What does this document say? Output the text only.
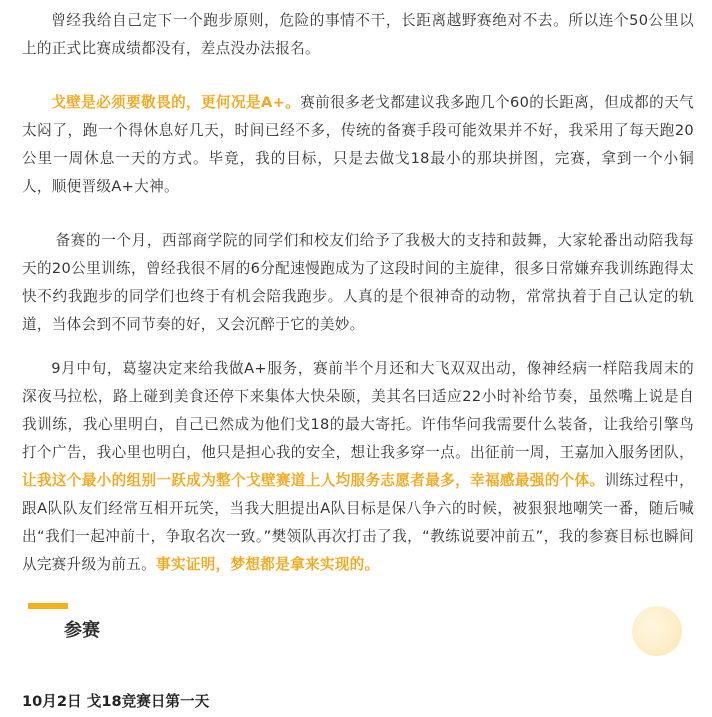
曾经我给自己定下一个跑步原则，危险的事情不干，长距离越野赛绝对不去。所以连个50公里以上的正式比赛成绩都没有，差点没办法报名。

戈壁是必须要敬畏的，更何况是A+。赛前很多老戈都建议我多跑几个60的长距离，但成都的天气太闷了，跑一个得休息好几天，时间已经不多，传统的备赛手段可能效果并不好，我采用了每天跑20公里一周休息一天的方式。毕竟，我的目标，只是去做戈18最小的那块拼图，完赛，拿到一个小铜人，顺便晋级A+大神。

备赛的一个月，西部商学院的同学们和校友们给予了我极大的支持和鼓舞，大家轮番出动陪我每天的20公里训练，曾经我很不屑的6分配速慢跑成为了这段时间的主旋律，很多日常嫌弃我训练跑得太快不约我跑步的同学们也终于有机会陪我跑步。人真的是个很神奇的动物，常常执着于自己认定的轨道，当体会到不同节奏的好，又会沉醉于它的美妙。

9月中旬，葛鋆决定来给我做A+服务，赛前半个月还和大飞双双出动，像神经病一样陪我周末的深夜马拉松，路上碰到美食还停下来集体大快朵颐，美其名曰适应22小时补给节奏，虽然嘴上说是自我训练，我心里明白，自己已然成为他们戈18的最大寄托。许伟华问我需要什么装备，让我给引擎鸟打个广告，我心里也明白，他只是担心我的安全，想让我多穿一点。出征前一周，王嘉加入服务团队，让我这个最小的组别一跃成为整个戈壁赛道上人均服务志愿者最多，幸福感最强的个体。训练过程中，跟A队队友们经常互相开玩笑，当我大胆提出A队目标是保八争六的时候，被狠狠地嘲笑一番，随后喊出“我们一起冲前十，争取名次一致。”樊领队再次打击了我，“教练说要冲前五”，我的参赛目标也瞬间从完赛升级为前五。事实证明，梦想都是拿来实现的。

参赛

10月2日 戈18竞赛日第一天
